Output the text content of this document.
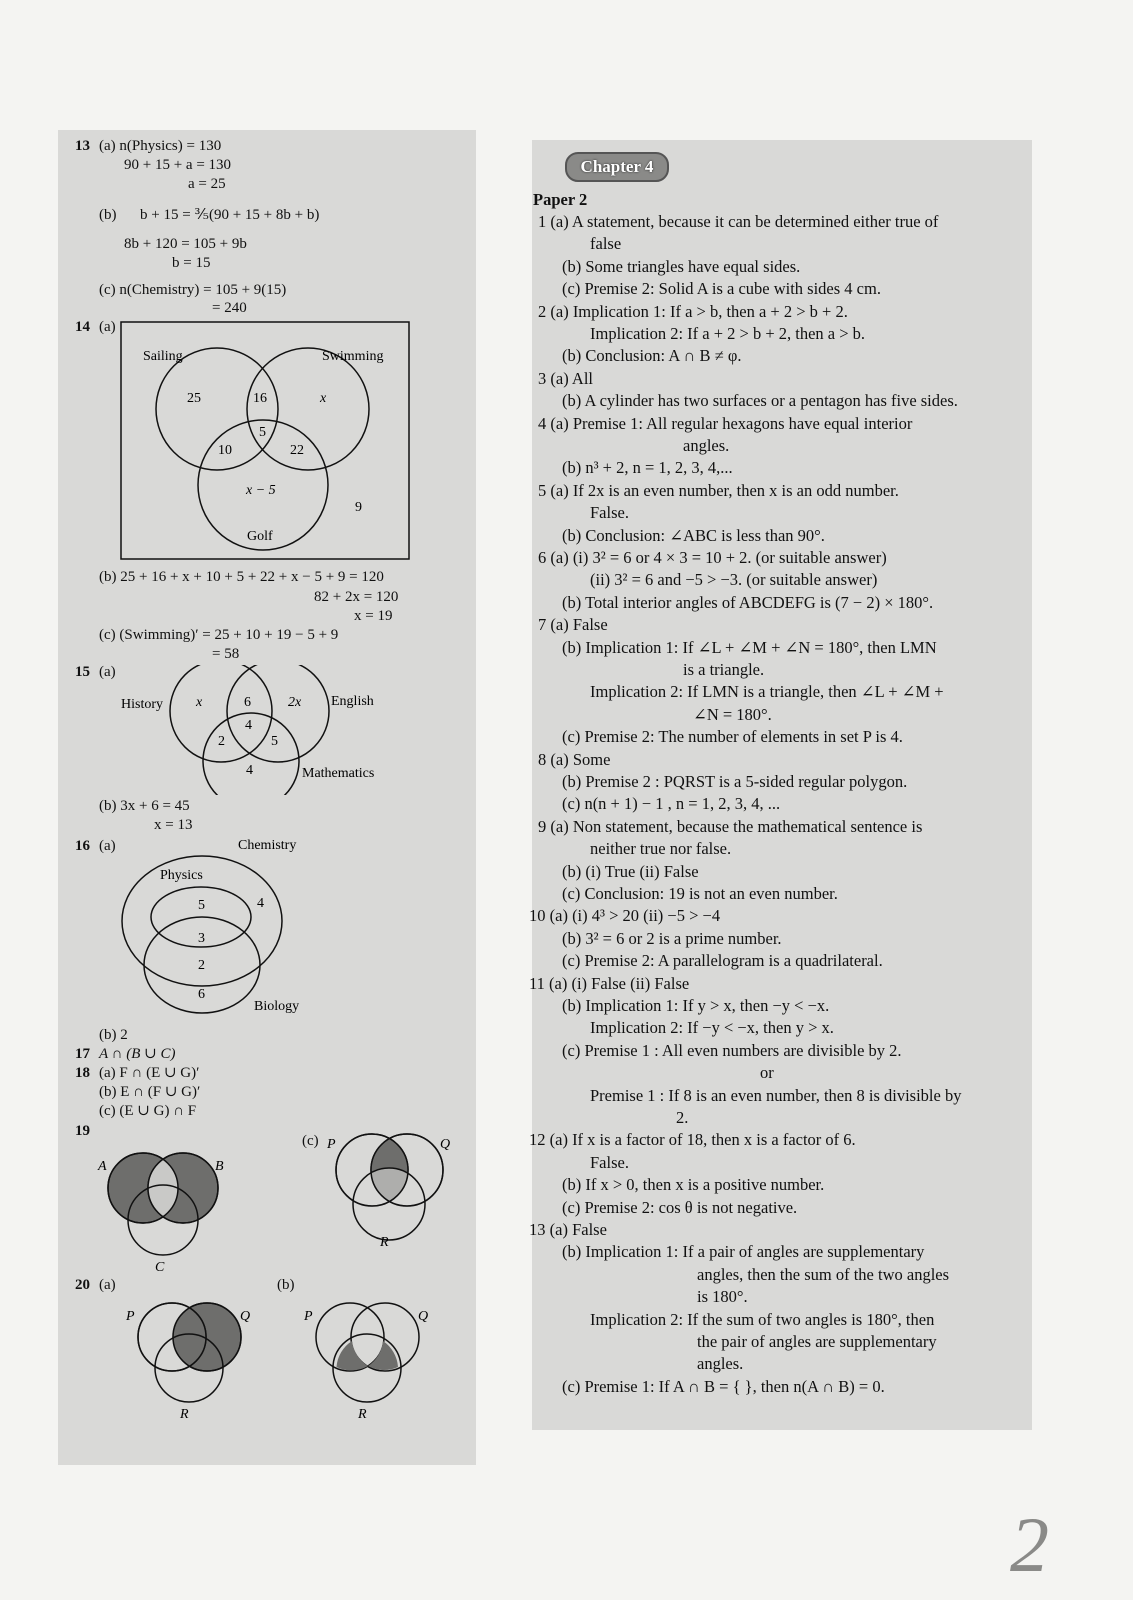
13 (a) n(Physics) = 130
90 + 15 + a = 130
a = 25
(b) b + 15 = ⅗(90 + 15 + 8b + b)
8b + 120 = 105 + 9b
b = 15
(c) n(Chemistry) = 105 + 9(15)
= 240
14 (a)
Sailing	Swimming
Golf
25	16	x
5
10	22
x − 5
9
(b) 25 + 16 + x + 10 + 5 + 22 + x − 5 + 9 = 120
82 + 2x = 120
x = 19
(c) (Swimming)′ = 25 + 10 + 19 − 5 + 9
= 58
15 (a)
History	English
Mathematics
x	6	2x
4
2	5
4
(b) 3x + 6 = 45
x = 13
16 (a)	Chemistry
Physics
Biology
5	4
3
2
6
(b) 2
17 A ∩ (B ∪ C)
18 (a) F ∩ (E ∪ G)′
(b) E ∩ (F ∪ G)′
(c) (E ∪ G) ∩ F
19
(c)
A	B
C
P	Q
R
20 (a)	(b)
P	Q
R
P	Q
R
Chapter 4
Paper 2
1 (a) A statement, because it can be determined either true of
false
(b) Some triangles have equal sides.
(c) Premise 2: Solid A is a cube with sides 4 cm.
2 (a) Implication 1: If a > b, then a + 2 > b + 2.
Implication 2: If a + 2 > b + 2, then a > b.
(b) Conclusion: A ∩ B ≠ φ.
3 (a) All
(b) A cylinder has two surfaces or a pentagon has five sides.
4 (a) Premise 1: All regular hexagons have equal interior
angles.
(b) n³ + 2, n = 1, 2, 3, 4,...
5 (a) If 2x is an even number, then x is an odd number.
False.
(b) Conclusion: ∠ABC is less than 90°.
6 (a) (i) 3² = 6 or 4 × 3 = 10 + 2. (or suitable answer)
(ii) 3² = 6 and −5 > −3. (or suitable answer)
(b) Total interior angles of ABCDEFG is (7 − 2) × 180°.
7 (a) False
(b) Implication 1: If ∠L + ∠M + ∠N = 180°, then LMN
is a triangle.
Implication 2: If LMN is a triangle, then ∠L + ∠M +
∠N = 180°.
(c) Premise 2: The number of elements in set P is 4.
8 (a) Some
(b) Premise 2 : PQRST is a 5-sided regular polygon.
(c) n(n + 1) − 1 , n = 1, 2, 3, 4, ...
9 (a) Non statement, because the mathematical sentence is
neither true nor false.
(b) (i) True (ii) False
(c) Conclusion: 19 is not an even number.
10 (a) (i) 4³ > 20 (ii) −5 > −4
(b) 3² = 6 or 2 is a prime number.
(c) Premise 2: A parallelogram is a quadrilateral.
11 (a) (i) False (ii) False
(b) Implication 1: If y > x, then −y < −x.
Implication 2: If −y < −x, then y > x.
(c) Premise 1 : All even numbers are divisible by 2.
or
Premise 1 : If 8 is an even number, then 8 is divisible by
2.
12 (a) If x is a factor of 18, then x is a factor of 6.
False.
(b) If x > 0, then x is a positive number.
(c) Premise 2: cos θ is not negative.
13 (a) False
(b) Implication 1: If a pair of angles are supplementary
angles, then the sum of the two angles
is 180°.
Implication 2: If the sum of two angles is 180°, then
the pair of angles are supplementary
angles.
(c) Premise 1: If A ∩ B = { }, then n(A ∩ B) = 0.
2
